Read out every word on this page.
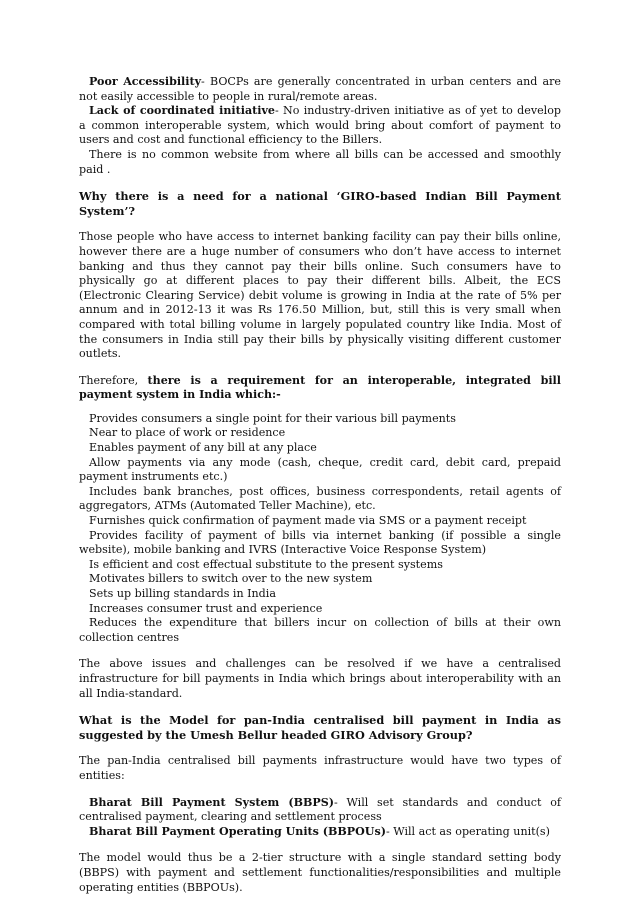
Poor Accessibility- BOCPs are generally concentrated in urban centers and are not easily accessible to people in rural/remote areas.

Lack of coordinated initiative- No industry-driven initiative as of yet to develop a common interoperable system, which would bring about comfort of payment to users and cost and functional efficiency to the Billers.

There is no common website from where all bills can be accessed and smoothly paid .

Why there is a need for a national ‘GIRO-based Indian Bill Payment System’?

Those people who have access to internet banking facility can pay their bills online, however there are a huge number of consumers who don’t have access to internet banking and thus they cannot pay their bills online. Such consumers have to physically go at different places to pay their different bills. Albeit, the ECS (Electronic Clearing Service) debit volume is growing in India at the rate of 5% per annum and in 2012-13 it was Rs 176.50 Million, but, still this is very small when compared with total billing volume in largely populated country like India. Most of the consumers in India still pay their bills by physically visiting different customer outlets.

Therefore, there is a requirement for an interoperable, integrated bill payment system in India which:-

Provides consumers a single point for their various bill payments

Near to place of work or residence

Enables payment of any bill at any place

Allow payments via any mode (cash, cheque, credit card, debit card, prepaid payment instruments etc.)

Includes bank branches, post offices, business correspondents, retail agents of aggregators, ATMs (Automated Teller Machine), etc.

Furnishes quick confirmation of payment made via SMS or a payment receipt

Provides facility of payment of bills via internet banking (if possible a single website), mobile banking and IVRS (Interactive Voice Response System)

Is efficient and cost effectual substitute to the present systems

Motivates billers to switch over to the new system

Sets up billing standards in India

Increases consumer trust and experience

Reduces the expenditure that billers incur on collection of bills at their own collection centres

The above issues and challenges can be resolved if we have a centralised infrastructure for bill payments in India which brings about interoperability with an all India-standard.

What is the Model for pan-India centralised bill payment in India as suggested by the Umesh Bellur headed GIRO Advisory Group?

The pan-India centralised bill payments infrastructure would have two types of entities:

Bharat Bill Payment System (BBPS)- Will set standards and conduct of centralised payment, clearing and settlement process

Bharat Bill Payment Operating Units (BBPOUs)- Will act as operating unit(s)

The model would thus be a 2-tier structure with a single standard setting body (BBPS) with payment and settlement functionalities/responsibilities and multiple operating entities (BBPOUs).
